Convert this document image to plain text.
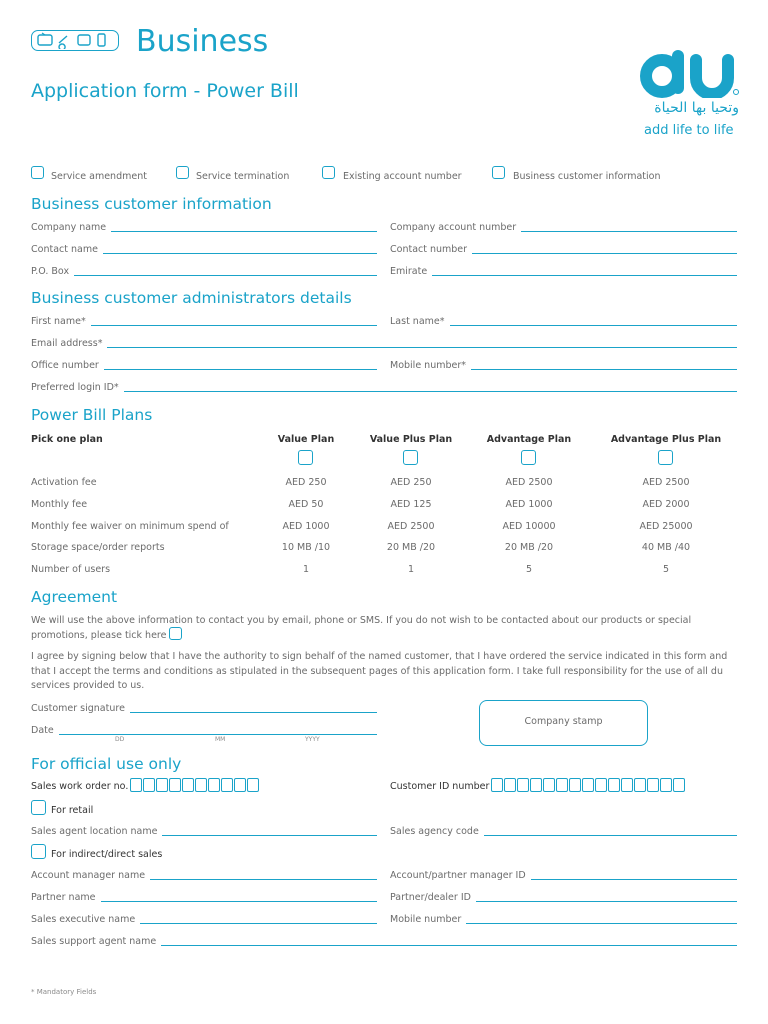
Business
Application form - Power Bill
وتحيا بها الحياة
add life to life
Service amendment	Service termination	Existing account number	Business customer information
Business customer information
Company name	Company account number
Contact name	Contact number
P.O. Box	Emirate
Business customer administrators details
First name*	Last name*
Email address*
Office number	Mobile number*
Preferred login ID*
Power Bill Plans
Pick one plan	Value Plan	Value Plus Plan	Advantage Plan	Advantage Plus Plan
Activation fee	AED 250	AED 250	AED 2500	AED 2500
Monthly fee	AED 50	AED 125	AED 1000	AED 2000
Monthly fee waiver on minimum spend of	AED 1000	AED 2500	AED 10000	AED 25000
Storage space/order reports	10 MB /10	20 MB /20	20 MB /20	40 MB /40
Number of users	1	1	5	5
Agreement
We will use the above information to contact you by email, phone or SMS. If you do not wish to be contacted about our products or special
promotions, please tick here
I agree by signing below that I have the authority to sign behalf of the named customer, that I have ordered the service indicated in this form and
that I accept the terms and conditions as stipulated in the subsequent pages of this application form. I take full responsibility for the use of all du
services provided to us.
Customer signature
Date
DD	MM	YYYY
Company stamp
For official use only
Sales work order no.	Customer ID number
For retail
Sales agent location name	Sales agency code
For indirect/direct sales
Account manager name	Account/partner manager ID
Partner name	Partner/dealer ID
Sales executive name	Mobile number
Sales support agent name
* Mandatory Fields
